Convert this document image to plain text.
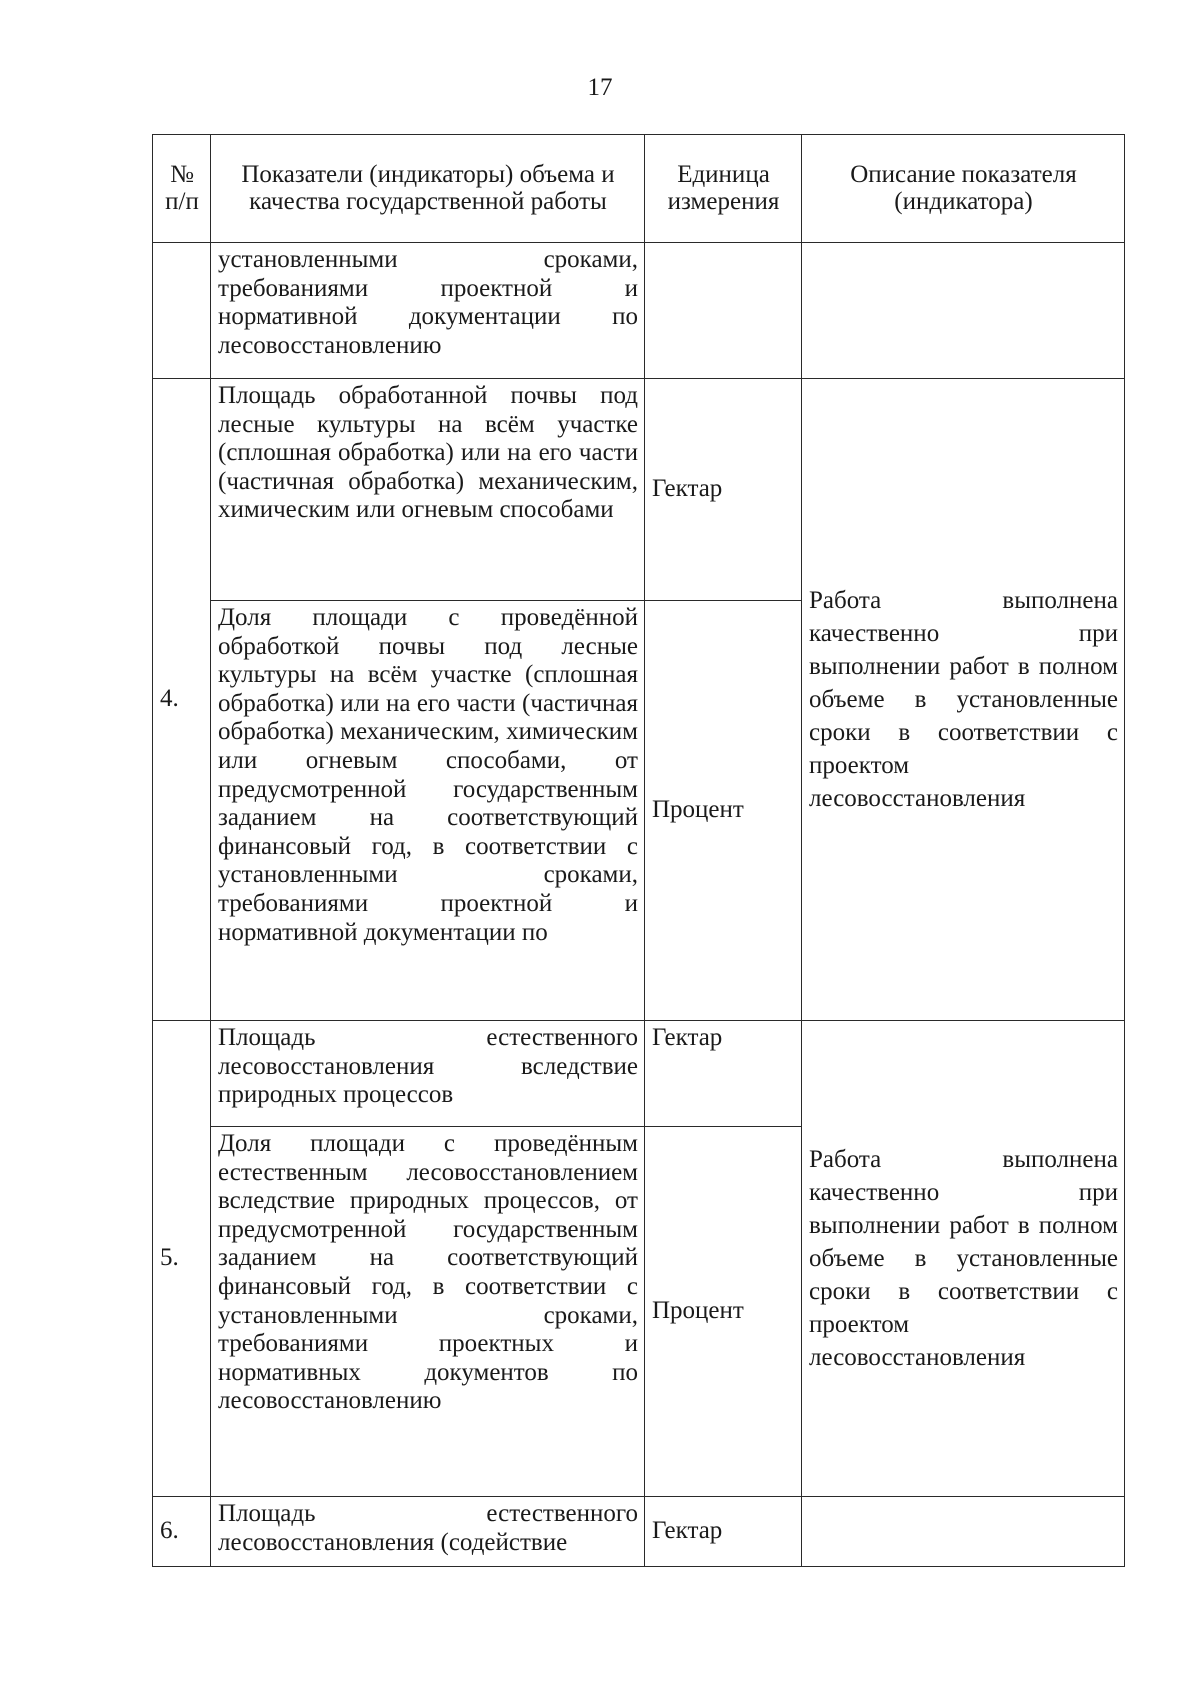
17
№ п/п	Показатели (индикаторы) объема и качества государственной работы	Единица измерения	Описание показателя (индикатора)
	установленными сроками, требованиями проектной и нормативной документации по лесовосстановлению		
4.	Площадь обработанной почвы под лесные культуры на всём участке (сплошная обработка) или на его части (частичная обработка) механическим, химическим или огневым способами	Гектар	Работа выполнена качественно при выполнении работ в полном объеме в установленные сроки в соответствии с проектом лесовосстановления
	Доля площади с проведённой обработкой почвы под лесные культуры на всём участке (сплошная обработка) или на его части (частичная обработка) механическим, химическим или огневым способами, от предусмотренной государственным заданием на соответствующий финансовый год, в соответствии с установленными сроками, требованиями проектной и нормативной документации по	Процент	
5.	Площадь естественного лесовосстановления вследствие природных процессов	Гектар	Работа выполнена качественно при выполнении работ в полном объеме в установленные сроки в соответствии с проектом лесовосстановления
	Доля площади с проведённым естественным лесовосстановлением вследствие природных процессов, от предусмотренной государственным заданием на соответствующий финансовый год, в соответствии с установленными сроками, требованиями проектных и нормативных документов по лесовосстановлению	Процент	
6.	Площадь естественного лесовосстановления (содействие	Гектар	
